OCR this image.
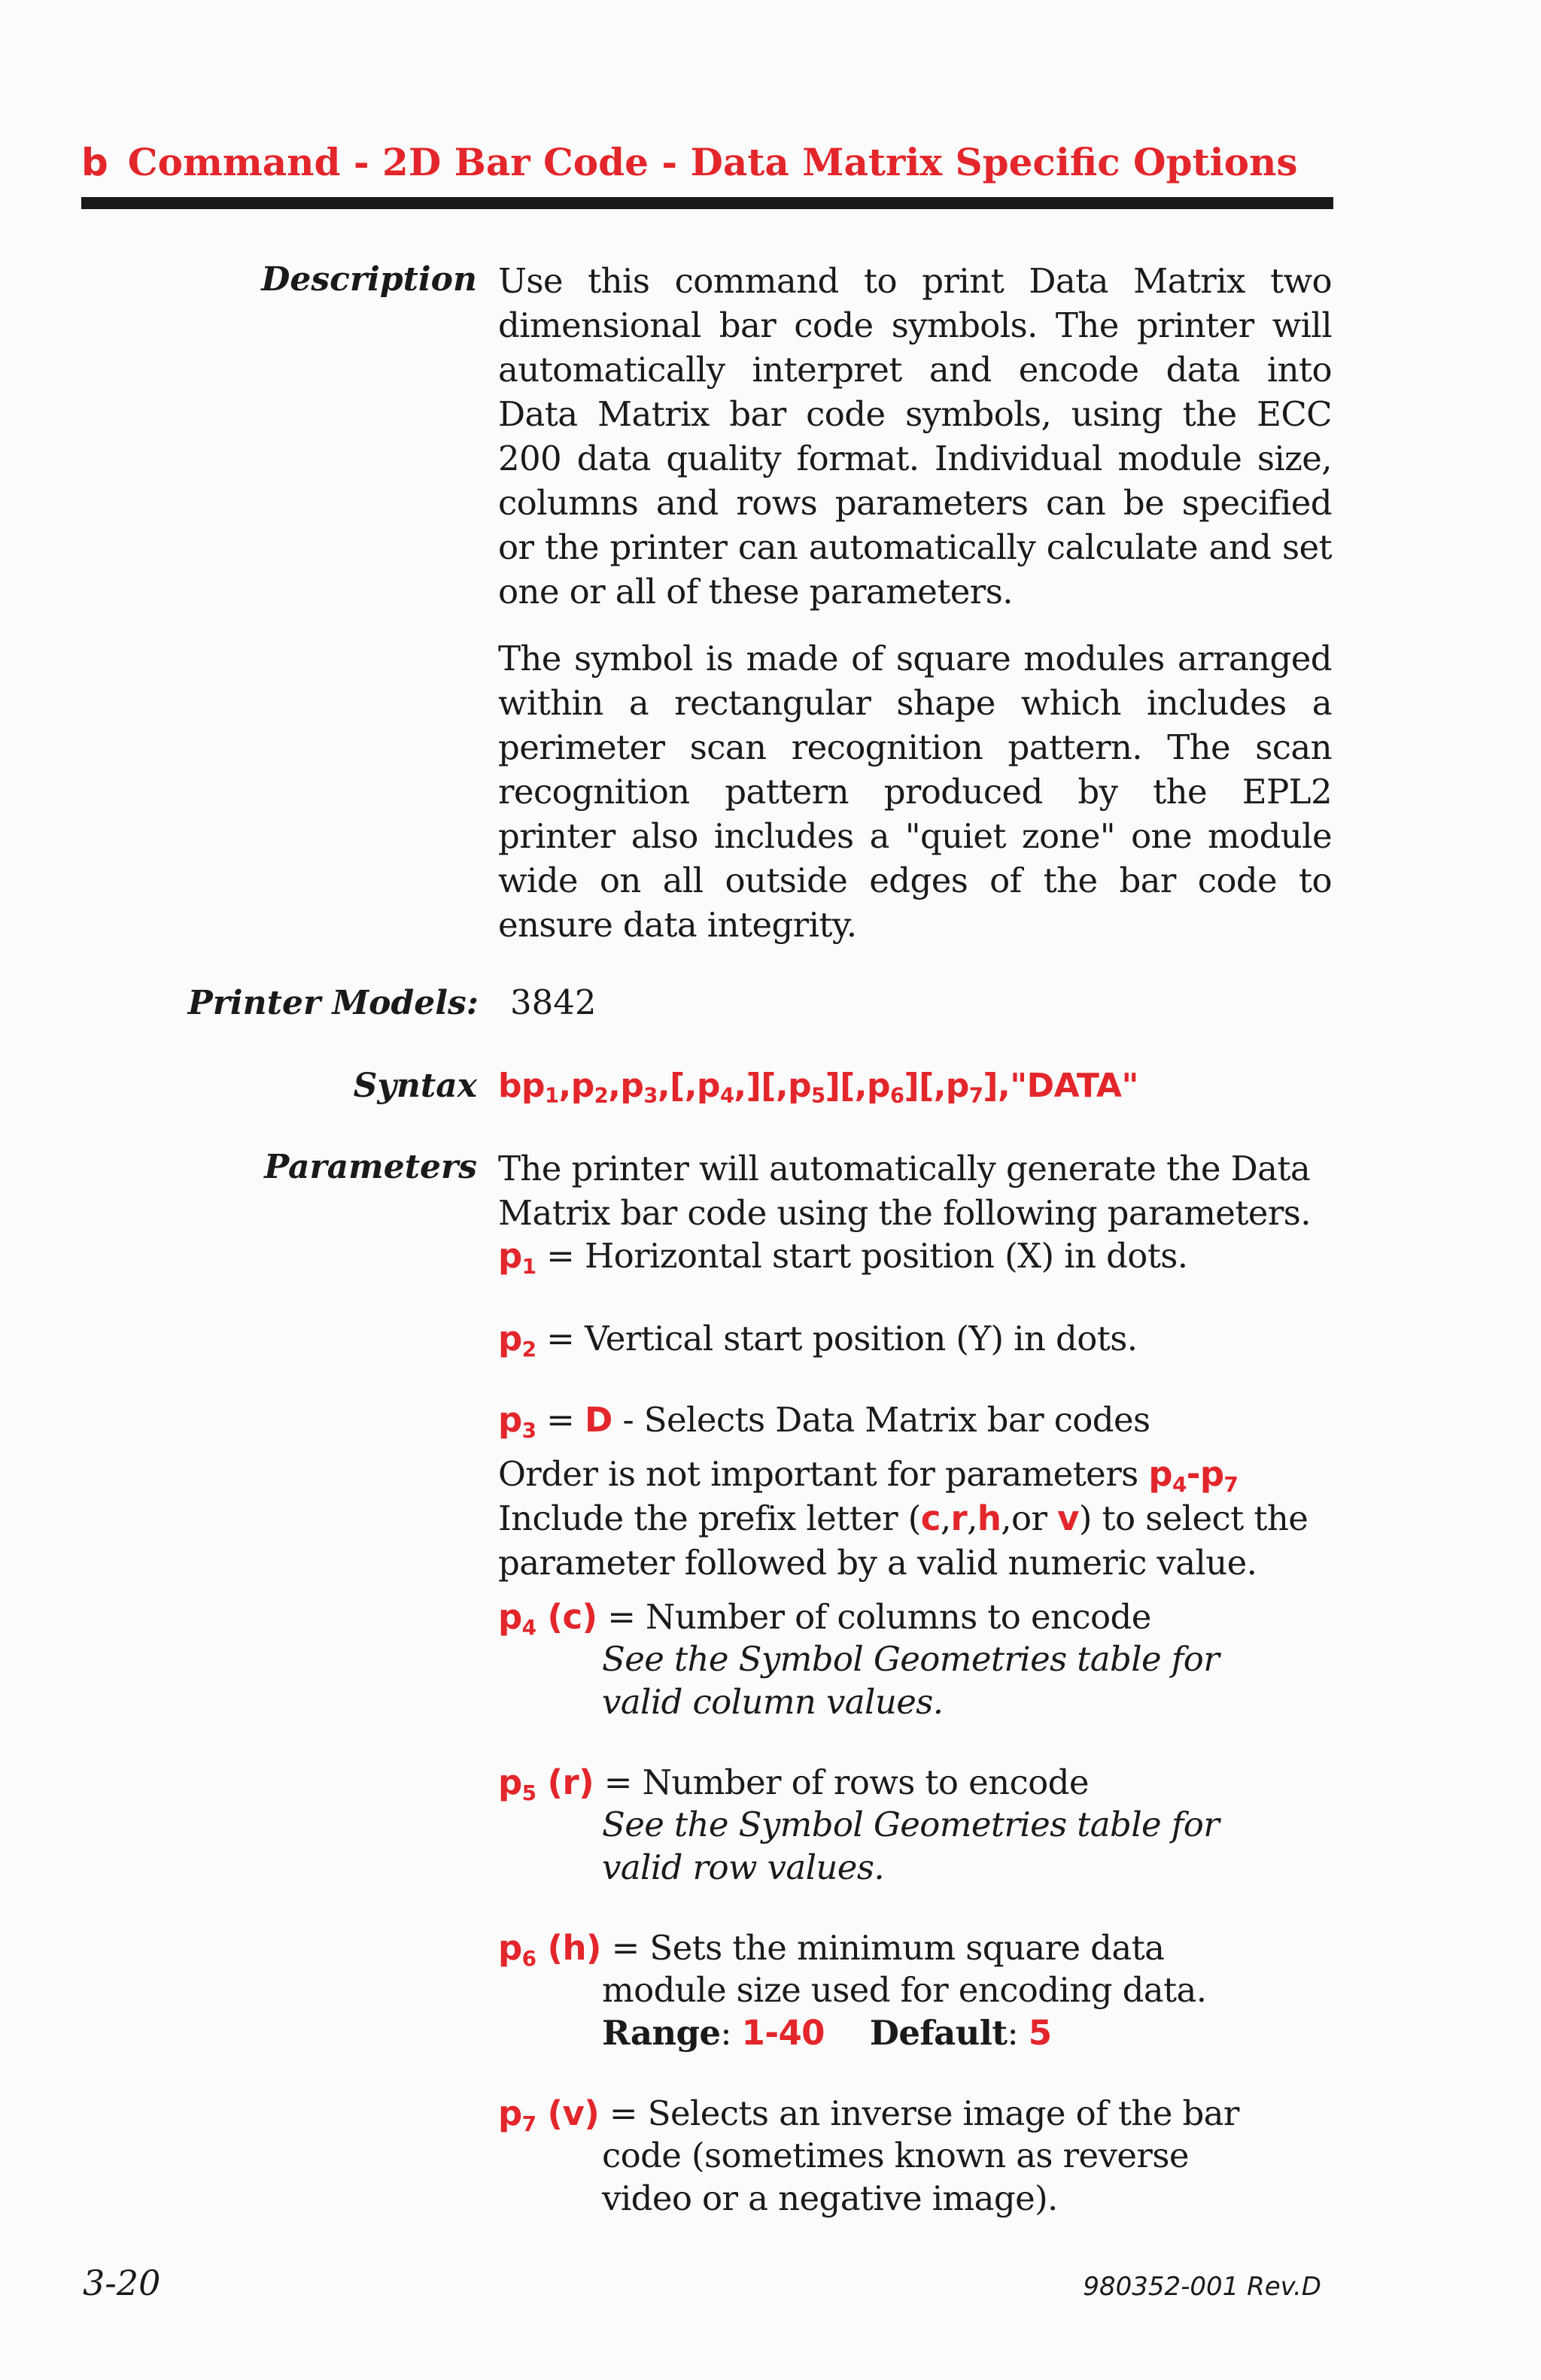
b Command - 2D Bar Code - Data Matrix Specific Options
Description Use this command to print Data Matrix two dimensional bar code symbols. The printer will automatically interpret and encode data into Data Matrix bar code symbols, using the ECC 200 data quality format. Individual module size, columns and rows parameters can be specified or the printer can automatically calculate and set one or all of these parameters.
The symbol is made of square modules arranged within a rectangular shape which includes a perimeter scan recognition pattern. The scan recognition pattern produced by the EPL2 printer also includes a "quiet zone" one module wide on all outside edges of the bar code to ensure data integrity.
Printer Models: 3842
Syntax $bp_1,p_2,p_3,[,p_4,][,p_5][,p_6][,p_7],"DATA$"
Parameters The printer will automatically generate the Data
Matrix bar code using the following parameters.
$p_1$ = Horizontal start position (X) in dots.
$p_2$ = Vertical start position (Y) in dots.
$p_3 = D$ - Selects Data Matrix bar codes
Order is not important for parameters $p_4-p_7$
Include the prefix letter (c,r,h,or v) to select the
parameter followed by a valid numeric value.
$p_4$ (c) = Number of columns to encode
See the Symbol Geometries table for
valid column values.
$p_5$ (r) = Number of rows to encode
See the Symbol Geometries table for
valid row values.
$p_6$ (h) = Sets the minimum square data
module size used for encoding data.
Range: 1-40 Default: 5
$p_7$ (v) = Selects an inverse image of the bar
code (sometimes known as reverse
video or a negative image).
3-20	980352-001 Rev.D
